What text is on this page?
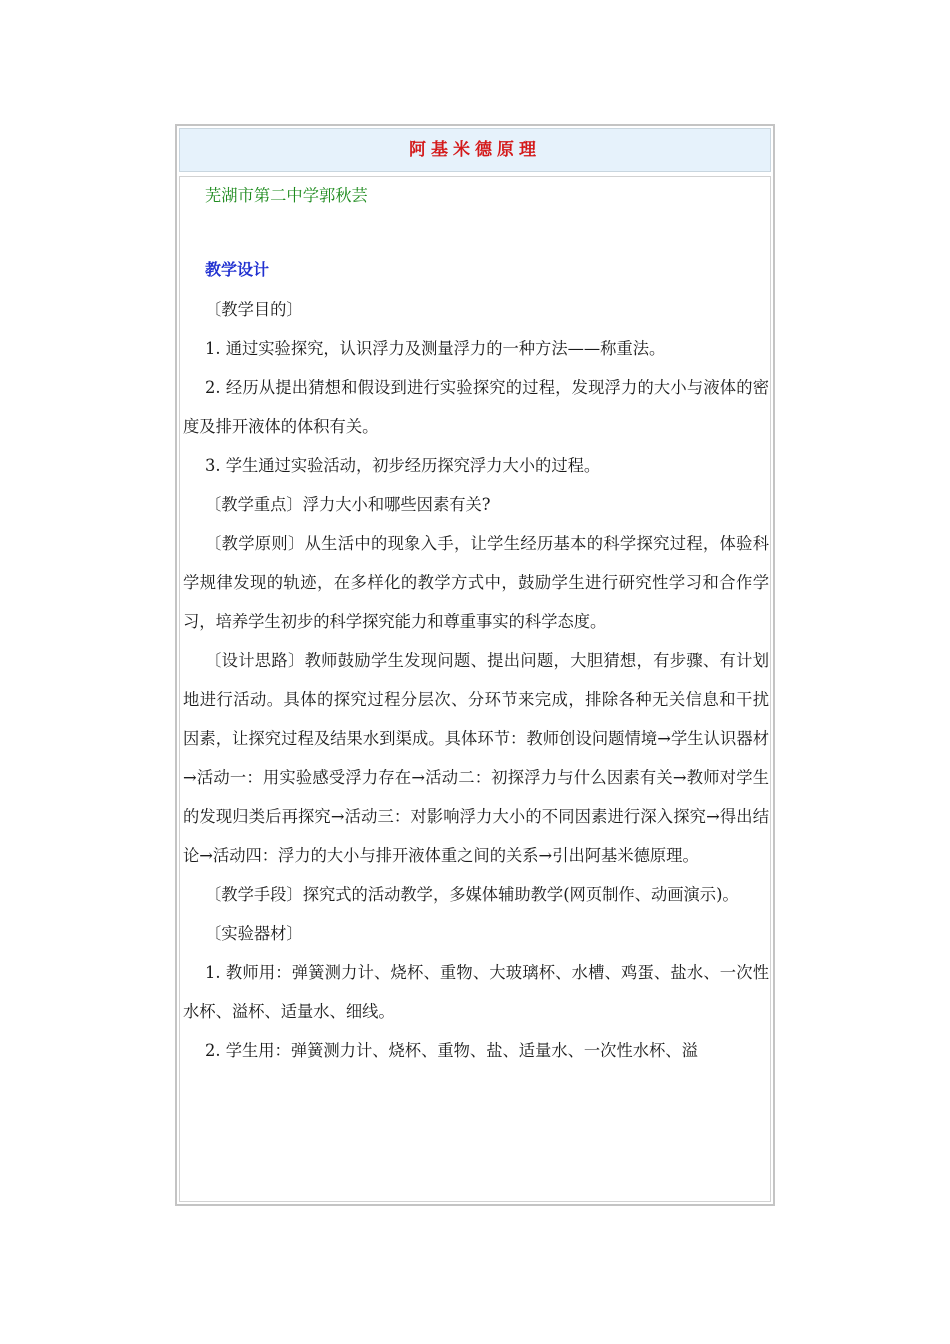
阿基米德原理
芜湖市第二中学郭秋芸
教学设计

〔教学目的〕

1. 通过实验探究，认识浮力及测量浮力的一种方法——称重法。

2. 经历从提出猜想和假设到进行实验探究的过程，发现浮力的大小与液体的密度及排开液体的体积有关。

3. 学生通过实验活动，初步经历探究浮力大小的过程。

〔教学重点〕浮力大小和哪些因素有关?

〔教学原则〕从生活中的现象入手，让学生经历基本的科学探究过程，体验科学规律发现的轨迹，在多样化的教学方式中，鼓励学生进行研究性学习和合作学习，培养学生初步的科学探究能力和尊重事实的科学态度。

〔设计思路〕教师鼓励学生发现问题、提出问题，大胆猜想，有步骤、有计划地进行活动。具体的探究过程分层次、分环节来完成，排除各种无关信息和干扰因素，让探究过程及结果水到渠成。具体环节：教师创设问题情境→学生认识器材→活动一：用实验感受浮力存在→活动二：初探浮力与什么因素有关→教师对学生的发现归类后再探究→活动三：对影响浮力大小的不同因素进行深入探究→得出结论→活动四：浮力的大小与排开液体重之间的关系→引出阿基米德原理。

〔教学手段〕探究式的活动教学，多媒体辅助教学(网页制作、动画演示)。

〔实验器材〕

1. 教师用：弹簧测力计、烧杯、重物、大玻璃杯、水槽、鸡蛋、盐水、一次性水杯、溢杯、适量水、细线。

2. 学生用：弹簧测力计、烧杯、重物、盐、适量水、一次性水杯、溢
